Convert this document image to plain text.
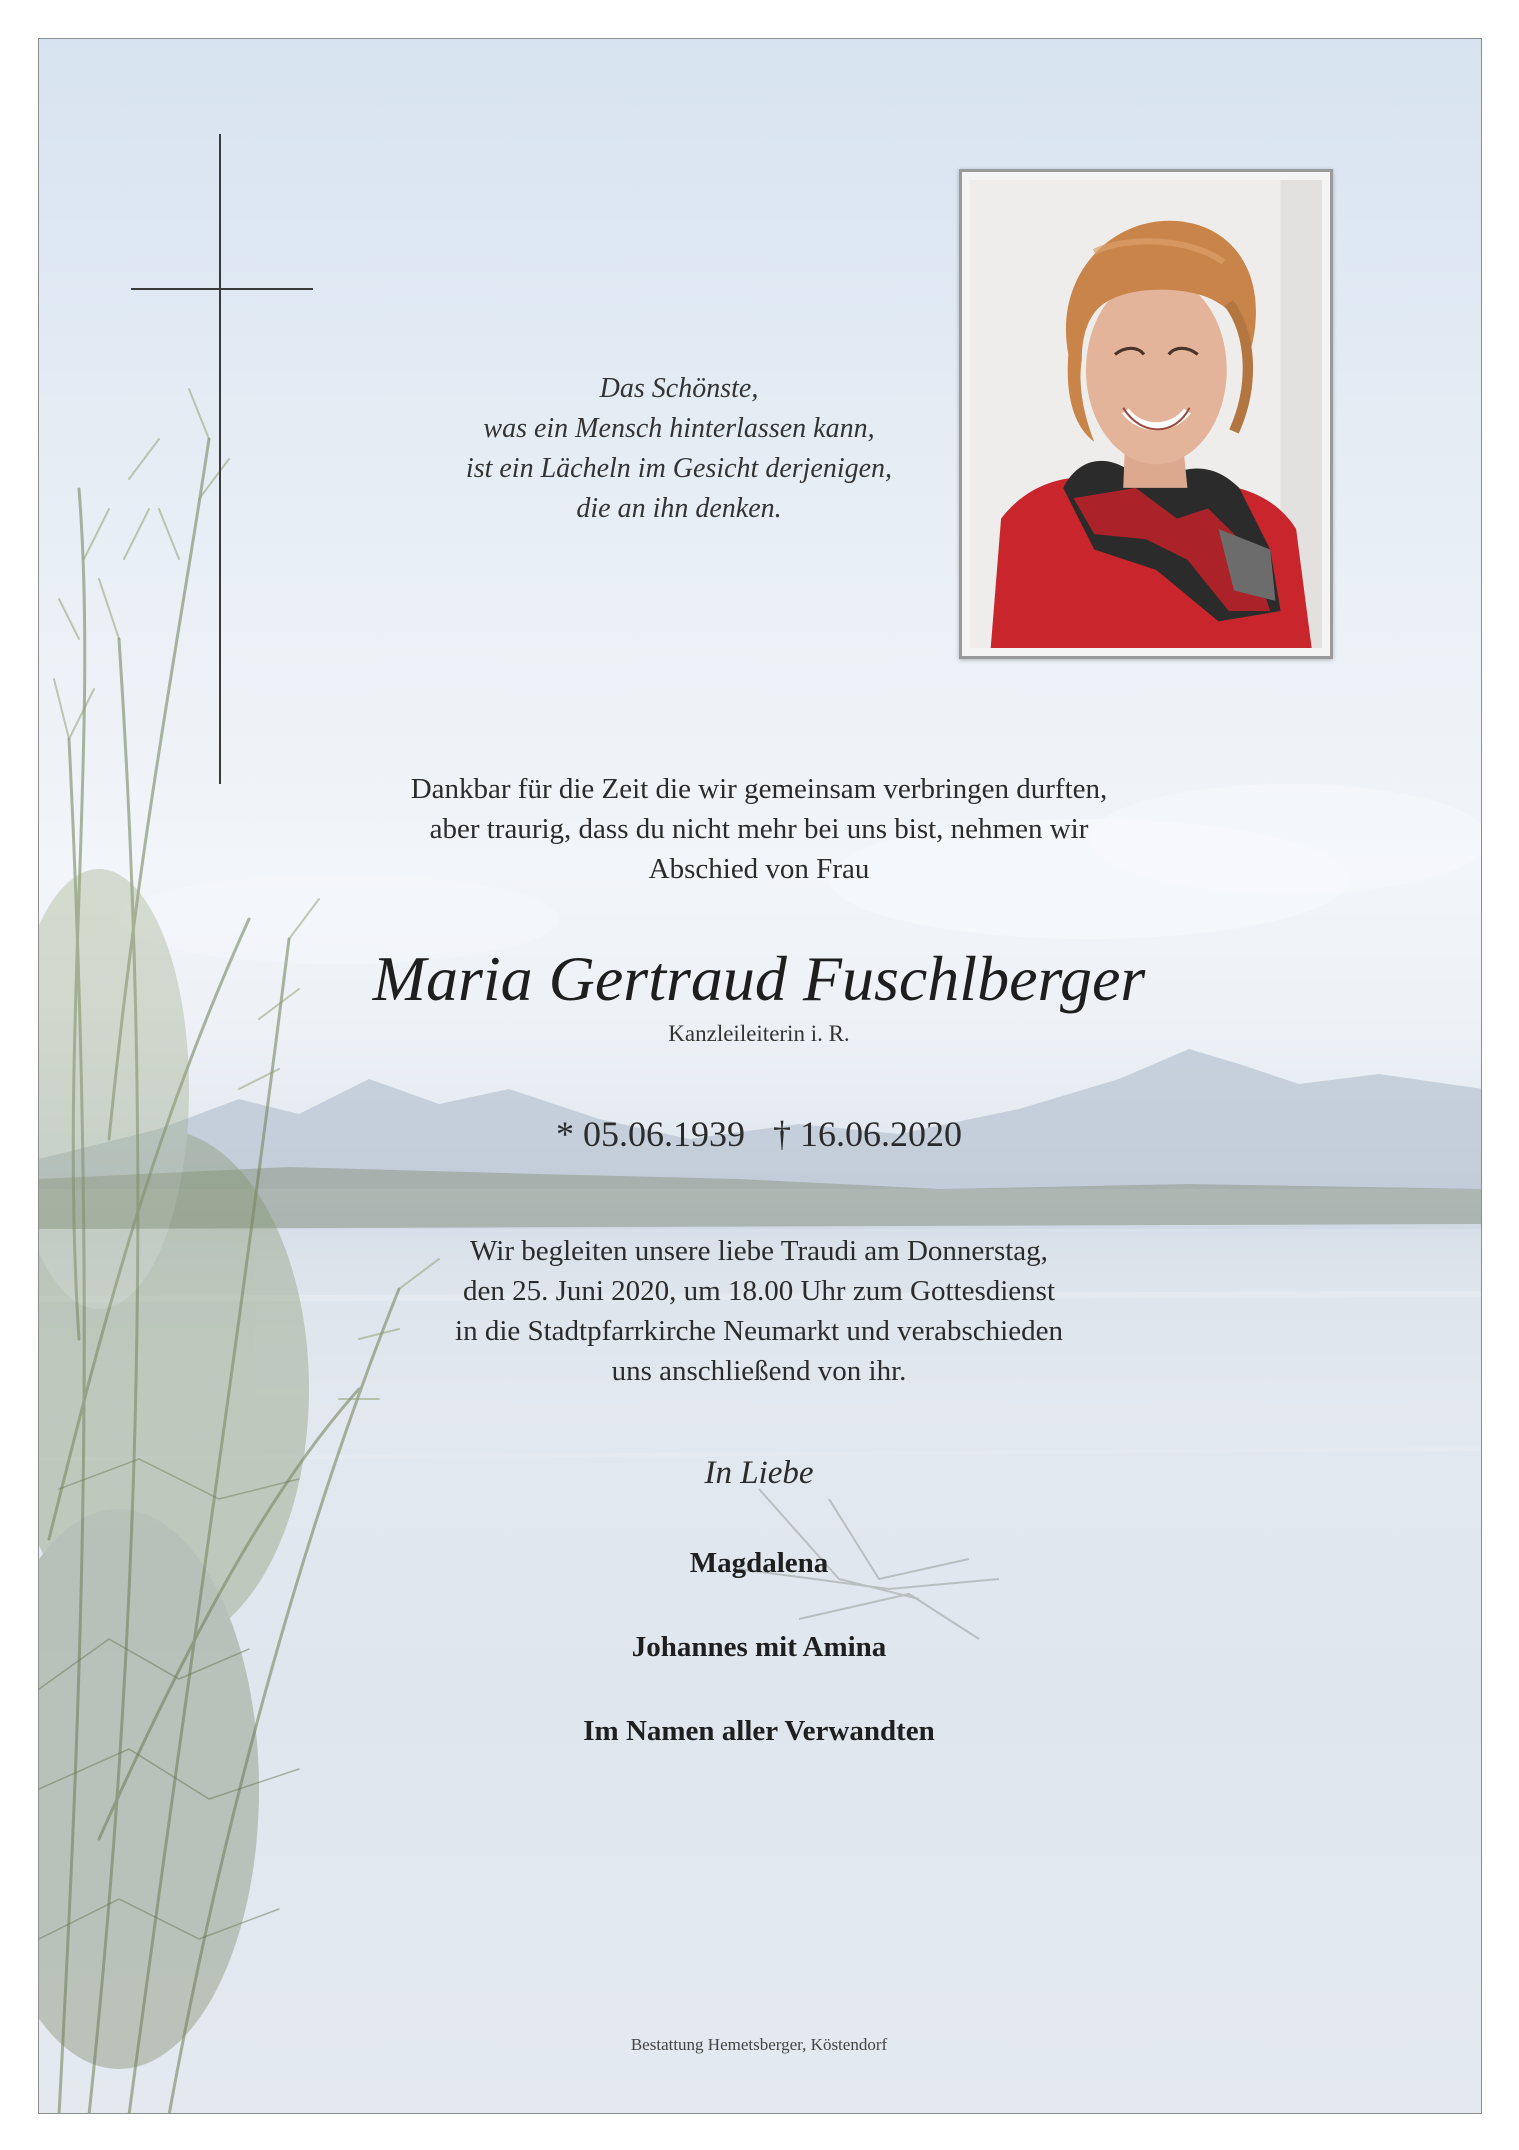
Das Schönste,
was ein Mensch hinterlassen kann,
ist ein Lächeln im Gesicht derjenigen,
die an ihn denken.
Dankbar für die Zeit die wir gemeinsam verbringen durften,
aber traurig, dass du nicht mehr bei uns bist, nehmen wir
Abschied von Frau
Maria Gertraud Fuschlberger
Kanzleileiterin i. R.
* 05.06.1939 † 16.06.2020
Wir begleiten unsere liebe Traudi am Donnerstag,
den 25. Juni 2020, um 18.00 Uhr zum Gottesdienst
in die Stadtpfarrkirche Neumarkt und verabschieden
uns anschließend von ihr.
In Liebe
Magdalena
Johannes mit Amina
Im Namen aller Verwandten
Bestattung Hemetsberger, Köstendorf
